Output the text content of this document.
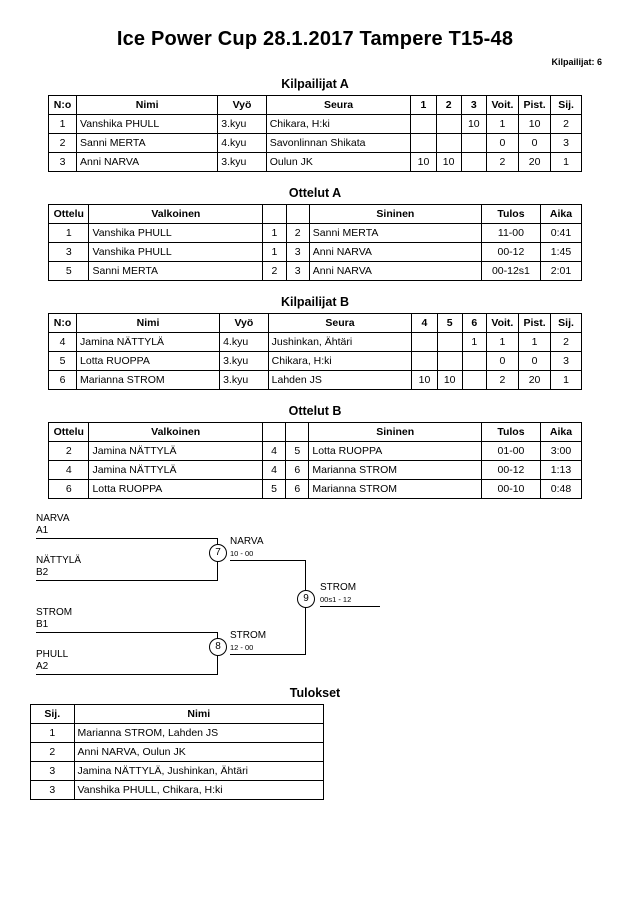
Ice Power Cup 28.1.2017 Tampere T15-48
Kilpailijat: 6
Kilpailijat A
N:o	Nimi	Vyö	Seura	1	2	3	Voit.	Pist.	Sij.
1	Vanshika PHULL	3.kyu	Chikara, H:ki			10	1	10	2
2	Sanni MERTA	4.kyu	Savonlinnan Shikata				0	0	3
3	Anni NARVA	3.kyu	Oulun JK	10	10		2	20	1
Ottelut A
Ottelu	Valkoinen			Sininen	Tulos	Aika
1	Vanshika PHULL	1	2	Sanni MERTA	11-00	0:41
3	Vanshika PHULL	1	3	Anni NARVA	00-12	1:45
5	Sanni MERTA	2	3	Anni NARVA	00-12s1	2:01
Kilpailijat B
N:o	Nimi	Vyö	Seura	4	5	6	Voit.	Pist.	Sij.
4	Jamina NÄTTYLÄ	4.kyu	Jushinkan, Ähtäri			1	1	1	2
5	Lotta RUOPPA	3.kyu	Chikara, H:ki				0	0	3
6	Marianna STROM	3.kyu	Lahden JS	10	10		2	20	1
Ottelut B
Ottelu	Valkoinen			Sininen	Tulos	Aika
2	Jamina NÄTTYLÄ	4	5	Lotta RUOPPA	01-00	3:00
4	Jamina NÄTTYLÄ	4	6	Marianna STROM	00-12	1:13
6	Lotta RUOPPA	5	6	Marianna STROM	00-10	0:48
NARVA
A1
NÄTTYLÄ
B2
7
NARVA
10 - 00
STROM
B1
PHULL
A2
8
STROM
12 - 00
9
STROM
00s1 - 12
Tulokset
Sij.	Nimi
1	Marianna STROM, Lahden JS
2	Anni NARVA, Oulun JK
3	Jamina NÄTTYLÄ, Jushinkan, Ähtäri
3	Vanshika PHULL, Chikara, H:ki
